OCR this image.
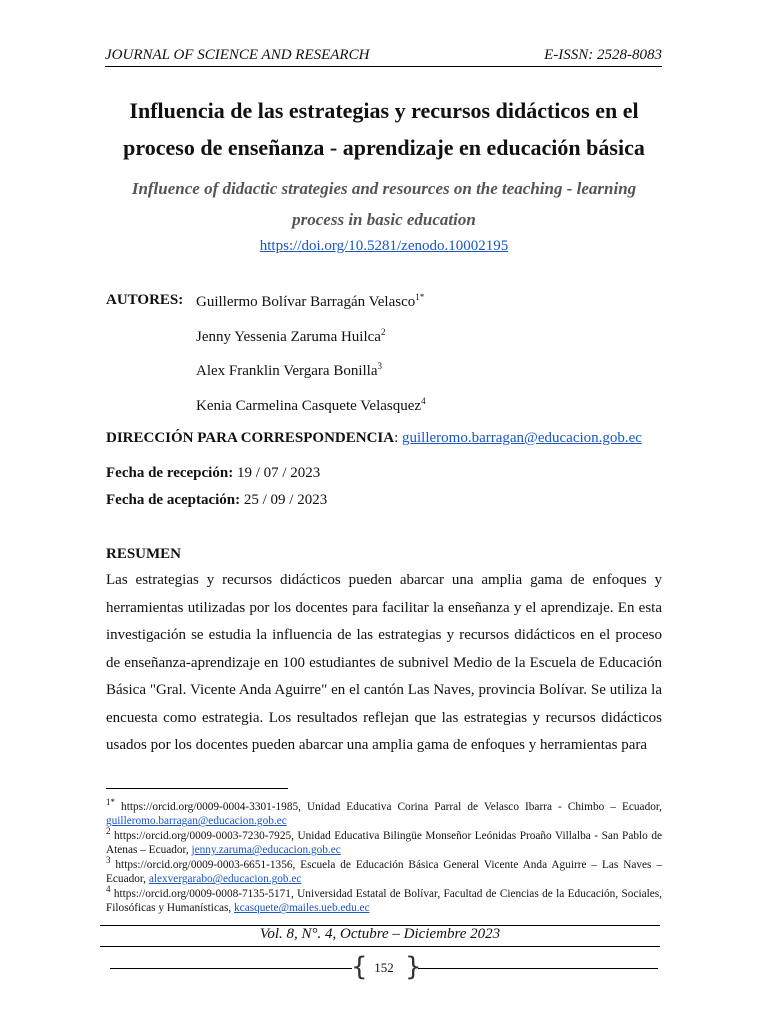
JOURNAL OF SCIENCE AND RESEARCH	E-ISSN: 2528-8083
Influencia de las estrategias y recursos didácticos en el
proceso de enseñanza - aprendizaje en educación básica
Influence of didactic strategies and resources on the teaching - learning
process in basic education
https://doi.org/10.5281/zenodo.10002195
AUTORES: Guillermo Bolívar Barragán Velasco$^{1*}$
Jenny Yessenia Zaruma Huilca$^2$
Alex Franklin Vergara Bonilla$^3$
Kenia Carmelina Casquete Velasquez$^4$
DIRECCIÓN PARA CORRESPONDENCIA: guilleromo.barragan@educacion.gob.ec
Fecha de recepción: 19 / 07 / 2023
Fecha de aceptación: 25 / 09 / 2023
RESUMEN
Las estrategias y recursos didácticos pueden abarcar una amplia gama de enfoques y herramientas utilizadas por los docentes para facilitar la enseñanza y el aprendizaje. En esta investigación se estudia la influencia de las estrategias y recursos didácticos en el proceso de enseñanza-aprendizaje en 100 estudiantes de subnivel Medio de la Escuela de Educación Básica "Gral. Vicente Anda Aguirre" en el cantón Las Naves, provincia Bolívar. Se utiliza la encuesta como estrategia. Los resultados reflejan que las estrategias y recursos didácticos usados por los docentes pueden abarcar una amplia gama de enfoques y herramientas para
$^{1*}$ https://orcid.org/0009-0004-3301-1985, Unidad Educativa Corina Parral de Velasco Ibarra - Chimbo – Ecuador, guilleromo.barragan@educacion.gob.ec
$^2$ https://orcid.org/0009-0003-7230-7925, Unidad Educativa Bilingüe Monseñor Leónidas Proaño Villalba - San Pablo de Atenas – Ecuador, jenny.zaruma@educacion.gob.ec
$^3$ https://orcid.org/0009-0003-6651-1356, Escuela de Educación Básica General Vicente Anda Aguirre – Las Naves – Ecuador, alexvergarabo@educacion.gob.ec
$^4$ https://orcid.org/0009-0008-7135-5171, Universidad Estatal de Bolívar, Facultad de Ciencias de la Educación, Sociales, Filosóficas y Humanísticas, kcasquete@mailes.ueb.edu.ec
Vol. 8, N°. 4, Octubre – Diciembre 2023
{ 152 }
